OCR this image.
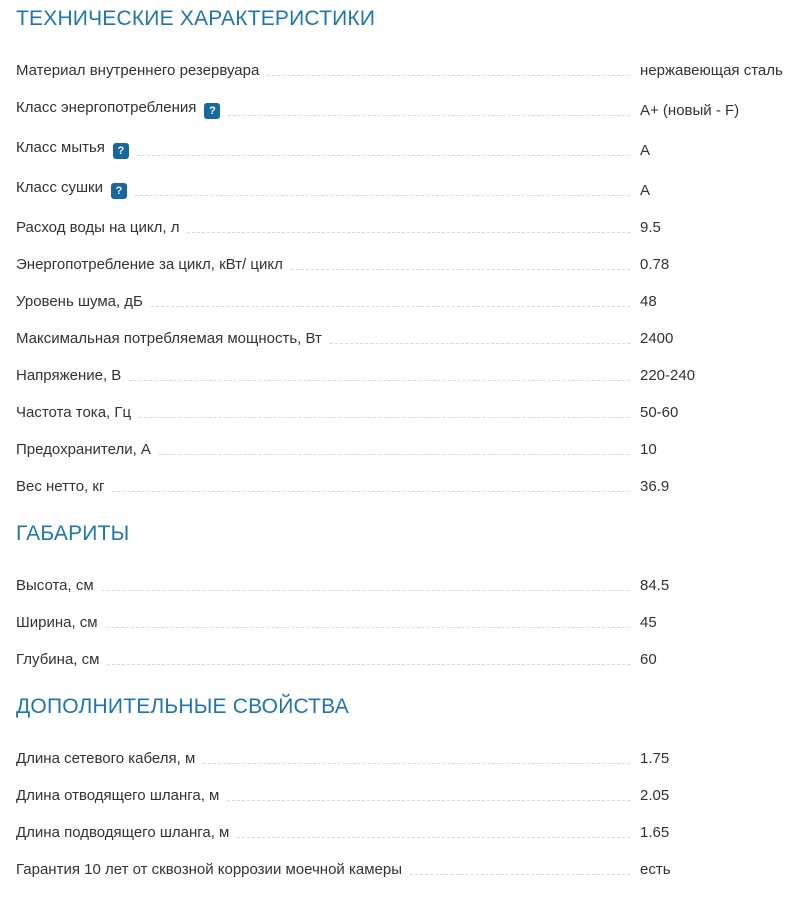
ТЕХНИЧЕСКИЕ ХАРАКТЕРИСТИКИ
Материал внутреннего резервуара	нержавеющая сталь
Класс энергопотребления ?	A+ (новый - F)
Класс мытья ?	A
Класс сушки ?	A
Расход воды на цикл, л	9.5
Энергопотребление за цикл, кВт/ цикл	0.78
Уровень шума, дБ	48
Максимальная потребляемая мощность, Вт	2400
Напряжение, В	220-240
Частота тока, Гц	50-60
Предохранители, А	10
Вес нетто, кг	36.9
ГАБАРИТЫ
Высота, см	84.5
Ширина, см	45
Глубина, см	60
ДОПОЛНИТЕЛЬНЫЕ СВОЙСТВА
Длина сетевого кабеля, м	1.75
Длина отводящего шланга, м	2.05
Длина подводящего шланга, м	1.65
Гарантия 10 лет от сквозной коррозии моечной камеры	есть
